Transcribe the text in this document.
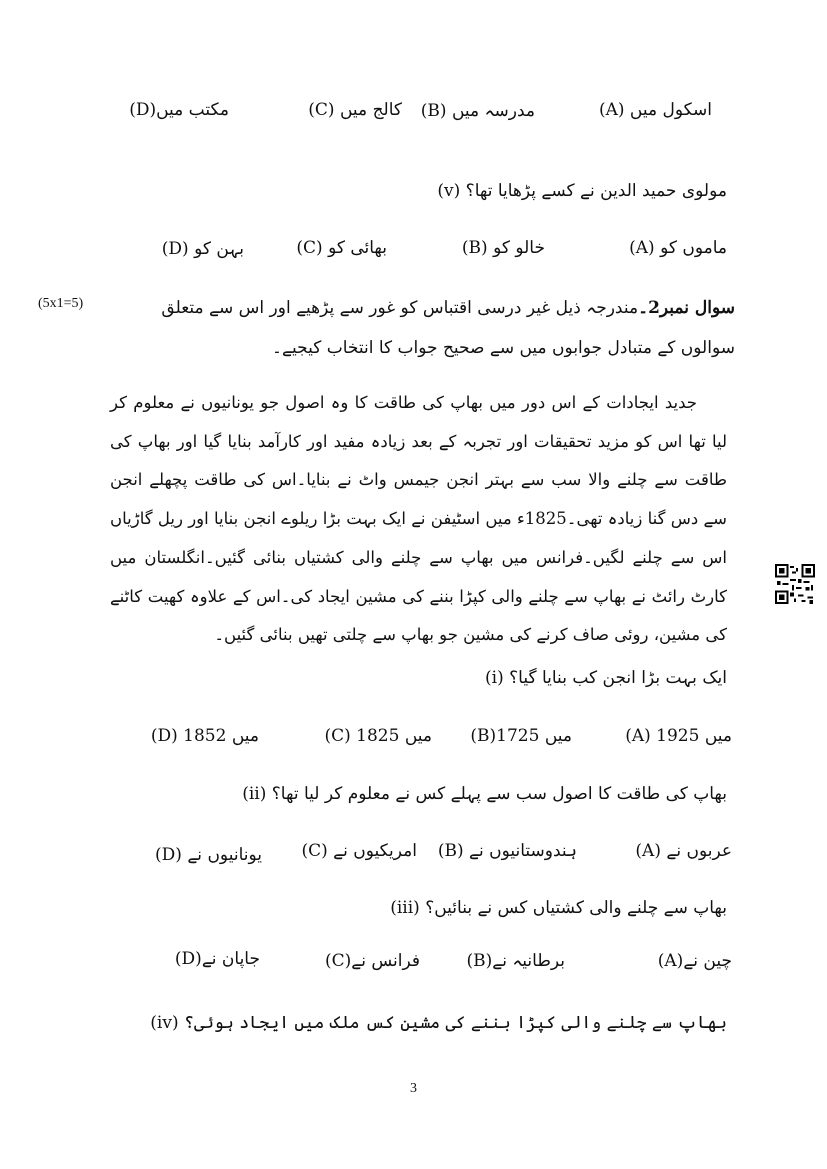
(A) اسکول میں
(B) مدرسہ میں
(C) کالج میں
(D)مکتب میں
(v) مولوی حمید الدین نے کسے پڑھایا تھا؟
(A) ماموں کو
(B) خالو کو
(C) بھائی کو
(D) بہن کو
سوال نمبر2۔مندرجہ ذیل غیر درسی اقتباس کو غور سے پڑھیے اور اس سے متعلق سوالوں کے متبادل جوابوں میں سے صحیح جواب کا انتخاب کیجیے۔
(5x1=5)

جدید ایجادات کے اس دور میں بھاپ کی طاقت کا وہ اصول جو یونانیوں نے معلوم کر لیا تھا اس کو مزید تحقیقات اور تجربہ کے بعد زیادہ مفید اور کارآمد بنایا گیا اور بھاپ کی طاقت سے چلنے والا سب سے بہتر انجن جیمس واٹ نے بنایا۔اس کی طاقت پچھلے انجن سے دس گنا زیادہ تھی۔1825ء میں اسٹیفن نے ایک بہت بڑا ریلوے انجن بنایا اور ریل گاڑیاں اس سے چلنے لگیں۔فرانس میں بھاپ سے چلنے والی کشتیاں بنائی گئیں۔انگلستان میں کارٹ رائٹ نے بھاپ سے چلنے والی کپڑا بننے کی مشین ایجاد کی۔اس کے علاوہ کھیت کاٹنے کی مشین، روئی صاف کرنے کی مشین جو بھاپ سے چلتی تھیں بنائی گئیں۔

(i) ایک بہت بڑا انجن کب بنایا گیا؟
(A) 1925 میں
(B)1725 میں
(C) 1825 میں
(D) 1852 میں
(ii) بھاپ کی طاقت کا اصول سب سے پہلے کس نے معلوم کر لیا تھا؟
(A) عربوں نے
(B) ہندوستانیوں نے
(C) امریکیوں نے
(D) یونانیوں نے
(iii) بھاپ سے چلنے والی کشتیاں کس نے بنائیں؟
(A)چین نے
(B)برطانیہ نے
(C)فرانس نے
(D)جاپان نے
(iv) بھاپ سے چلنے والی کپڑا بننے کی مشین کس ملک میں ایجاد ہوئی؟
3
